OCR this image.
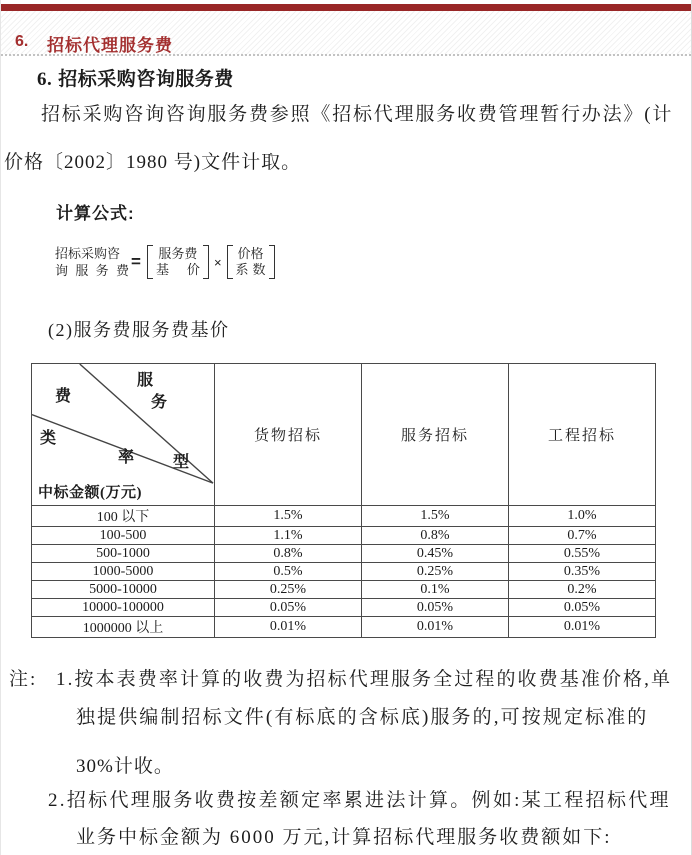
6. 招标代理服务费
6. 招标采购咨询服务费
招标采购咨询咨询服务费参照《招标代理服务收费管理暂行办法》(计
价格〔2002〕1980 号)文件计取。
计算公式:
招标采购咨
询服务费 = 服务费
基价 ×
价格
系数
(2)服务费服务费基价
服
务
费
类
率 型
中标金额(万元)
	货物招标	服务招标	工程招标
100 以下	1.5%	1.5%	1.0%
100-500	1.1%	0.8%	0.7%
500-1000	0.8%	0.45%	0.55%
1000-5000	0.5%	0.25%	0.35%
5000-10000	0.25%	0.1%	0.2%
10000-100000	0.05%	0.05%	0.05%
1000000 以上	0.01%	0.01%	0.01%
注: 1.按本表费率计算的收费为招标代理服务全过程的收费基准价格,单
独提供编制招标文件(有标底的含标底)服务的,可按规定标准的
30%计收。
2.招标代理服务收费按差额定率累进法计算。例如:某工程招标代理
业务中标金额为 6000 万元,计算招标代理服务收费额如下:
